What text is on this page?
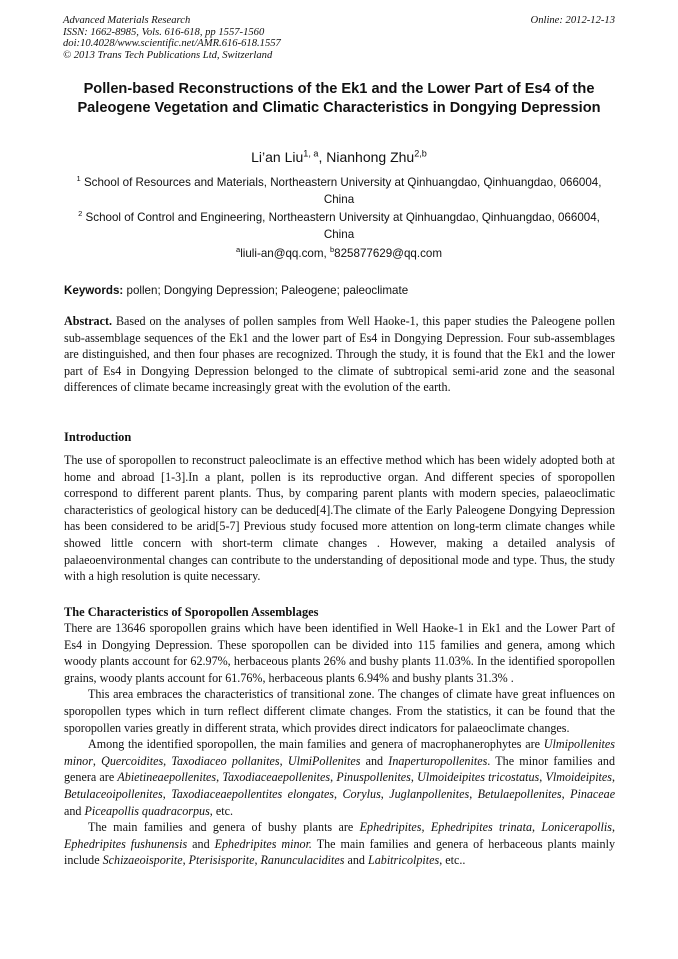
Advanced Materials Research
ISSN: 1662-8985, Vols. 616-618, pp 1557-1560
doi:10.4028/www.scientific.net/AMR.616-618.1557
© 2013 Trans Tech Publications Ltd, Switzerland
Online: 2012-12-13
Pollen-based Reconstructions of the Ek1 and the Lower Part of Es4 of the Paleogene Vegetation and Climatic Characteristics in Dongying Depression
Li’an Liu$^{1, a}$, Nianhong Zhu$^{2,b}$
$^1$ School of Resources and Materials, Northeastern University at Qinhuangdao, Qinhuangdao, 066004, China
$^2$ School of Control and Engineering, Northeastern University at Qinhuangdao, Qinhuangdao, 066004, China
$^a$liuli-an@qq.com, $^b$825877629@qq.com
Keywords: pollen; Dongying Depression; Paleogene; paleoclimate
Abstract. Based on the analyses of pollen samples from Well Haoke-1, this paper studies the Paleogene pollen sub-assemblage sequences of the Ek1 and the lower part of Es4 in Dongying Depression. Four sub-assemblages are distinguished, and then four phases are recognized. Through the study, it is found that the Ek1 and the lower part of Es4 in Dongying Depression belonged to the climate of subtropical semi-arid zone and the seasonal differences of climate became increasingly great with the evolution of the earth.
Introduction
The use of sporopollen to reconstruct paleoclimate is an effective method which has been widely adopted both at home and abroad [1-3].In a plant, pollen is its reproductive organ. And different species of sporopollen correspond to different parent plants. Thus, by comparing parent plants with modern species, palaeoclimatic characteristics of geological history can be deduced[4].The climate of the Early Paleogene Dongying Depression has been considered to be arid[5-7] Previous study focused more attention on long-term climate changes while showed little concern with short-term climate changes . However, making a detailed analysis of palaeoenvironmental changes can contribute to the understanding of depositional mode and type. Thus, the study with a high resolution is quite necessary.
The Characteristics of Sporopollen Assemblages

There are 13646 sporopollen grains which have been identified in Well Haoke-1 in Ek1 and the Lower Part of Es4 in Dongying Depression. These sporopollen can be divided into 115 families and genera, among which woody plants account for 62.97%, herbaceous plants 26% and bushy plants 11.03%. In the identified sporopollen grains, woody plants account for 61.76%, herbaceous plants 6.94% and bushy plants 31.3% .

This area embraces the characteristics of transitional zone. The changes of climate have great influences on sporopollen types which in turn reflect different climate changes. From the statistics, it can be found that the sporopollen varies greatly in different strata, which provides direct indicators for palaeoclimate changes.

Among the identified sporopollen, the main families and genera of macrophanerophytes are Ulmipollenites minor, Quercoidites, Taxodiaceo pollanites, UlmiPollenites and Inaperturopollenites. The minor families and genera are Abietineaepollenites, Taxodiaceaepollenites, Pinuspollenites, Ulmoideipites tricostatus, Vlmoideipites, Betulaceoipollenites, Taxodiaceaepollentites elongates, Corylus, Juglanpollenites, Betulaepollenites, Pinaceae and Piceapollis quadracorpus, etc.

The main families and genera of bushy plants are Ephedripites, Ephedripites trinata, Lonicerapollis, Ephedripites fushunensis and Ephedripites minor. The main families and genera of herbaceous plants mainly include Schizaeoisporite, Pterisisporite, Ranunculacidites and Labitricolpites, etc..
